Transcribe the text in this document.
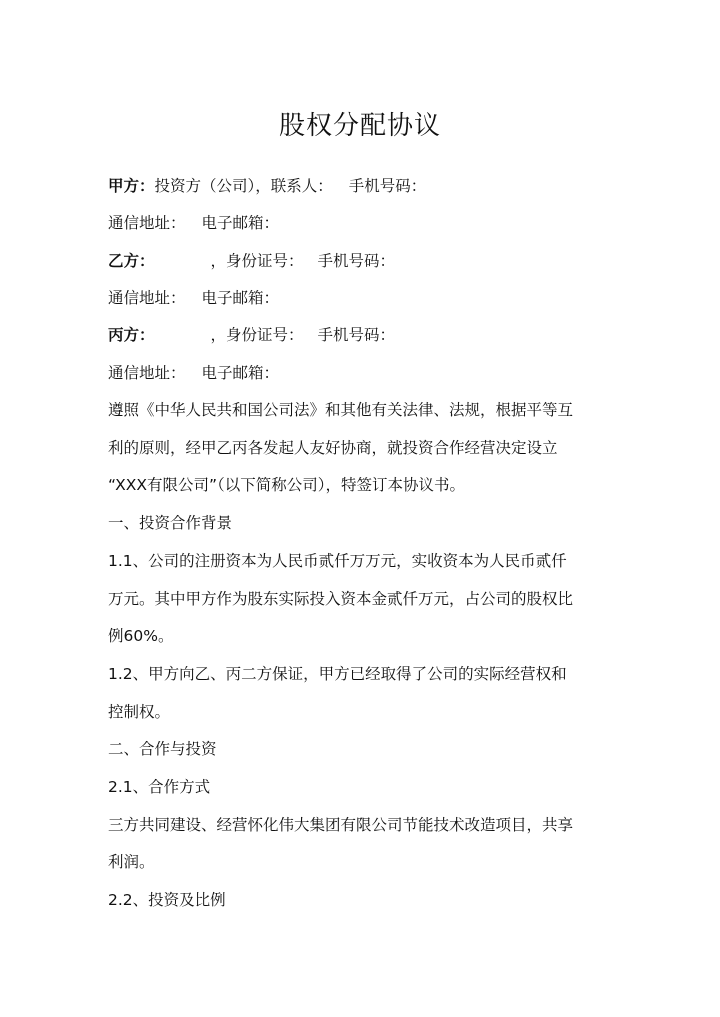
股权分配协议
甲方：投资方（公司），联系人： 手机号码：
通信地址： 电子邮箱：
乙方：	，身份证号： 手机号码：
通信地址： 电子邮箱：
丙方：	，身份证号： 手机号码：
通信地址： 电子邮箱：
遵照《中华人民共和国公司法》和其他有关法律、法规，根据平等互
利的原则，经甲乙丙各发起人友好协商，就投资合作经营决定设立
“XXX有限公司”（以下简称公司），特签订本协议书。
一、投资合作背景
1.1、公司的注册资本为人民币贰仟万万元，实收资本为人民币贰仟
万元。其中甲方作为股东实际投入资本金贰仟万元，占公司的股权比
例60%。
1.2、甲方向乙、丙二方保证，甲方已经取得了公司的实际经营权和
控制权。
二、合作与投资
2.1、合作方式
三方共同建设、经营怀化伟大集团有限公司节能技术改造项目，共享
利润。
2.2、投资及比例
